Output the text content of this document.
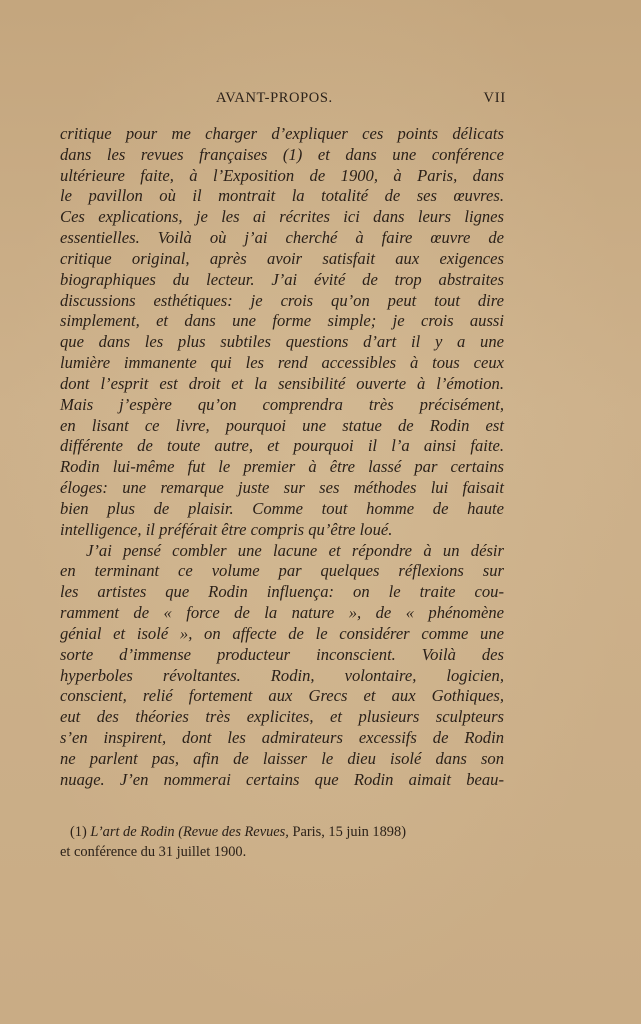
AVANT-PROPOS.	VII
critique pour me charger d’expliquer ces points délicats
dans les revues françaises (1) et dans une conférence
ultérieure faite, à l’Exposition de 1900, à Paris, dans
le pavillon où il montrait la totalité de ses œuvres.
Ces explications, je les ai récrites ici dans leurs lignes
essentielles. Voilà où j’ai cherché à faire œuvre de
critique original, après avoir satisfait aux exigences
biographiques du lecteur. J’ai évité de trop abstraites
discussions esthétiques: je crois qu’on peut tout dire
simplement, et dans une forme simple; je crois aussi
que dans les plus subtiles questions d’art il y a une
lumière immanente qui les rend accessibles à tous ceux
dont l’esprit est droit et la sensibilité ouverte à l’émotion.
Mais j’espère qu’on comprendra très précisément,
en lisant ce livre, pourquoi une statue de Rodin est
différente de toute autre, et pourquoi il l’a ainsi faite.
Rodin lui-même fut le premier à être lassé par certains
éloges: une remarque juste sur ses méthodes lui faisait
bien plus de plaisir. Comme tout homme de haute
intelligence, il préférait être compris qu’être loué.
J’ai pensé combler une lacune et répondre à un désir
en terminant ce volume par quelques réflexions sur
les artistes que Rodin influença: on le traite cou-
ramment de « force de la nature », de « phénomène
génial et isolé », on affecte de le considérer comme une
sorte d’immense producteur inconscient. Voilà des
hyperboles révoltantes. Rodin, volontaire, logicien,
conscient, relié fortement aux Grecs et aux Gothiques,
eut des théories très explicites, et plusieurs sculpteurs
s’en inspirent, dont les admirateurs excessifs de Rodin
ne parlent pas, afin de laisser le dieu isolé dans son
nuage. J’en nommerai certains que Rodin aimait beau-
(1) L’art de Rodin (Revue des Revues, Paris, 15 juin 1898)
et conférence du 31 juillet 1900.
